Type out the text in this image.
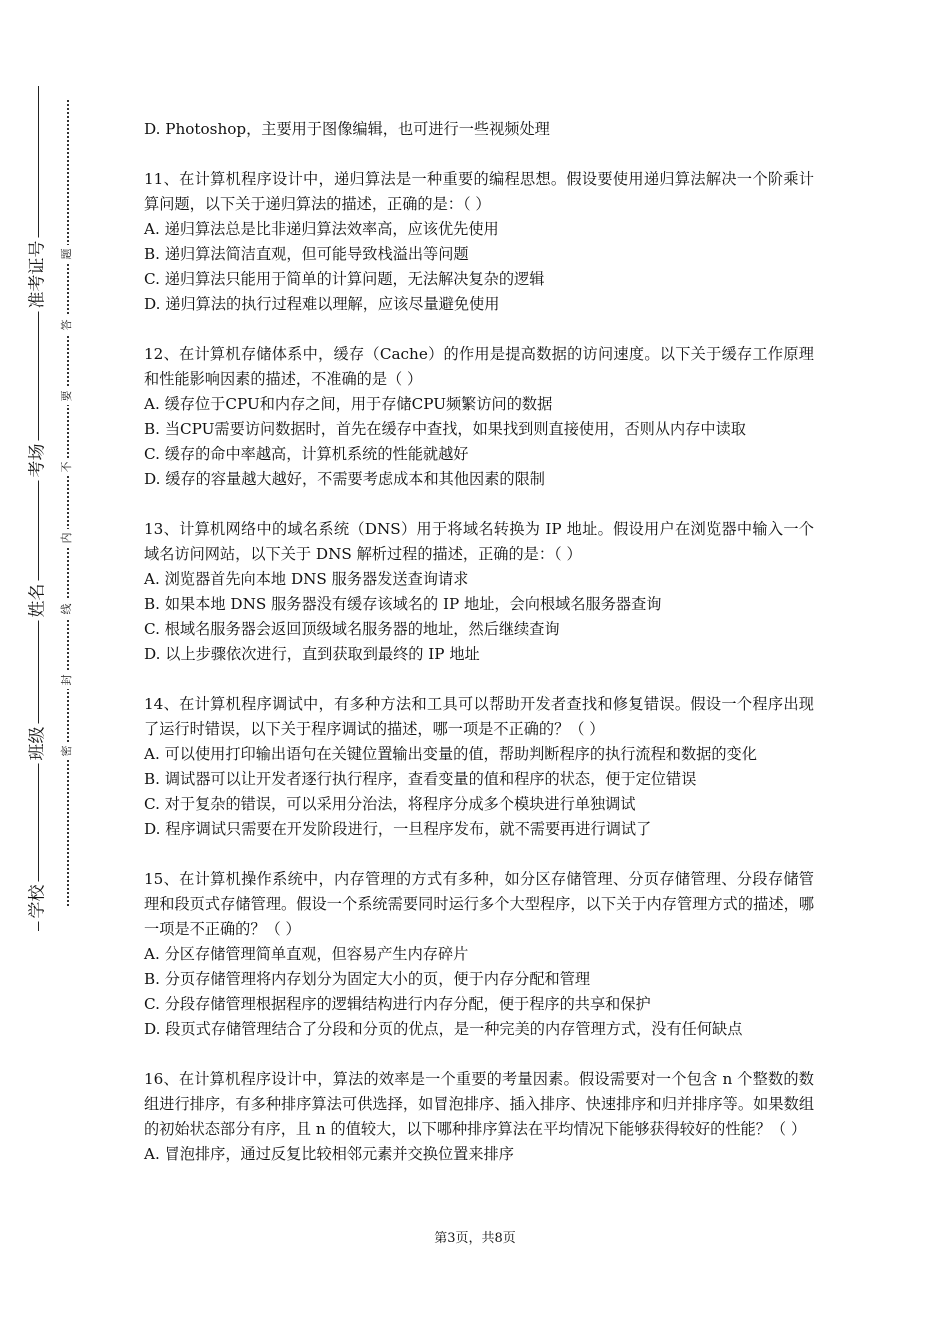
准考证号
考场
姓名
班级
学校
题
答
要
不
内
线
封
密

D. Photoshop，主要用于图像编辑，也可进行一些视频处理

11、在计算机程序设计中，递归算法是一种重要的编程思想。假设要使用递归算法解决一个阶乘计算问题，以下关于递归算法的描述，正确的是：（ ）

A. 递归算法总是比非递归算法效率高，应该优先使用

B. 递归算法简洁直观，但可能导致栈溢出等问题

C. 递归算法只能用于简单的计算问题，无法解决复杂的逻辑

D. 递归算法的执行过程难以理解，应该尽量避免使用

12、在计算机存储体系中，缓存（Cache）的作用是提高数据的访问速度。以下关于缓存工作原理和性能影响因素的描述，不准确的是（ ）

A. 缓存位于CPU和内存之间，用于存储CPU频繁访问的数据

B. 当CPU需要访问数据时，首先在缓存中查找，如果找到则直接使用，否则从内存中读取

C. 缓存的命中率越高，计算机系统的性能就越好

D. 缓存的容量越大越好，不需要考虑成本和其他因素的限制

13、计算机网络中的域名系统（DNS）用于将域名转换为 IP 地址。假设用户在浏览器中输入一个域名访问网站，以下关于 DNS 解析过程的描述，正确的是：（ ）

A. 浏览器首先向本地 DNS 服务器发送查询请求

B. 如果本地 DNS 服务器没有缓存该域名的 IP 地址，会向根域名服务器查询

C. 根域名服务器会返回顶级域名服务器的地址，然后继续查询

D. 以上步骤依次进行，直到获取到最终的 IP 地址

14、在计算机程序调试中，有多种方法和工具可以帮助开发者查找和修复错误。假设一个程序出现了运行时错误，以下关于程序调试的描述，哪一项是不正确的？（ ）

A. 可以使用打印输出语句在关键位置输出变量的值，帮助判断程序的执行流程和数据的变化

B. 调试器可以让开发者逐行执行程序，查看变量的值和程序的状态，便于定位错误

C. 对于复杂的错误，可以采用分治法，将程序分成多个模块进行单独调试

D. 程序调试只需要在开发阶段进行，一旦程序发布，就不需要再进行调试了

15、在计算机操作系统中，内存管理的方式有多种，如分区存储管理、分页存储管理、分段存储管理和段页式存储管理。假设一个系统需要同时运行多个大型程序，以下关于内存管理方式的描述，哪一项是不正确的？（ ）

A. 分区存储管理简单直观，但容易产生内存碎片

B. 分页存储管理将内存划分为固定大小的页，便于内存分配和管理

C. 分段存储管理根据程序的逻辑结构进行内存分配，便于程序的共享和保护

D. 段页式存储管理结合了分段和分页的优点，是一种完美的内存管理方式，没有任何缺点

16、在计算机程序设计中，算法的效率是一个重要的考量因素。假设需要对一个包含 n 个整数的数组进行排序，有多种排序算法可供选择，如冒泡排序、插入排序、快速排序和归并排序等。如果数组的初始状态部分有序，且 n 的值较大，以下哪种排序算法在平均情况下能够获得较好的性能？（ ）

A. 冒泡排序，通过反复比较相邻元素并交换位置来排序

第3页，共8页
